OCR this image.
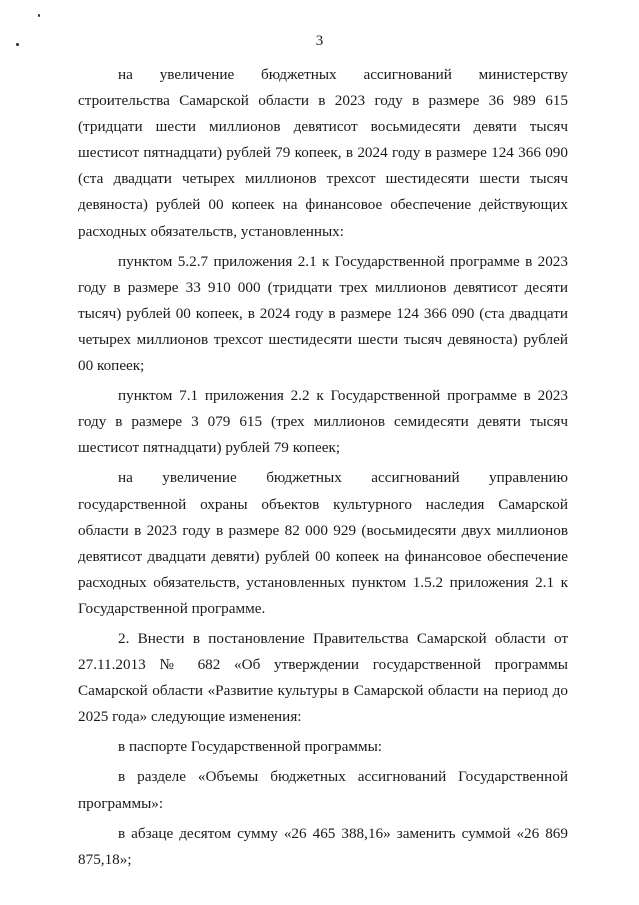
3

на увеличение бюджетных ассигнований министерству строительства Самарской области в 2023 году в размере 36 989 615 (тридцати шести миллионов девятисот восьмидесяти девяти тысяч шестисот пятнадцати) рублей 79 копеек, в 2024 году в размере 124 366 090 (ста двадцати четырех миллионов трехсот шестидесяти шести тысяч девяноста) рублей 00 копеек на финансовое обеспечение действующих расходных обязательств, установленных:

пунктом 5.2.7 приложения 2.1 к Государственной программе в 2023 году в размере 33 910 000 (тридцати трех миллионов девятисот десяти тысяч) рублей 00 копеек, в 2024 году в размере 124 366 090 (ста двадцати четырех миллионов трехсот шестидесяти шести тысяч девяноста) рублей 00 копеек;

пунктом 7.1 приложения 2.2 к Государственной программе в 2023 году в размере 3 079 615 (трех миллионов семидесяти девяти тысяч шестисот пятнадцати) рублей 79 копеек;

на увеличение бюджетных ассигнований управлению государственной охраны объектов культурного наследия Самарской области в 2023 году в размере 82 000 929 (восьмидесяти двух миллионов девятисот двадцати девяти) рублей 00 копеек на финансовое обеспечение расходных обязательств, установленных пунктом 1.5.2 приложения 2.1 к Государственной программе.

2. Внести в постановление Правительства Самарской области от 27.11.2013 № 682 «Об утверждении государственной программы Самарской области «Развитие культуры в Самарской области на период до 2025 года» следующие изменения:

в паспорте Государственной программы:

в разделе «Объемы бюджетных ассигнований Государственной программы»:

в абзаце десятом сумму «26 465 388,16» заменить суммой «26 869 875,18»;
